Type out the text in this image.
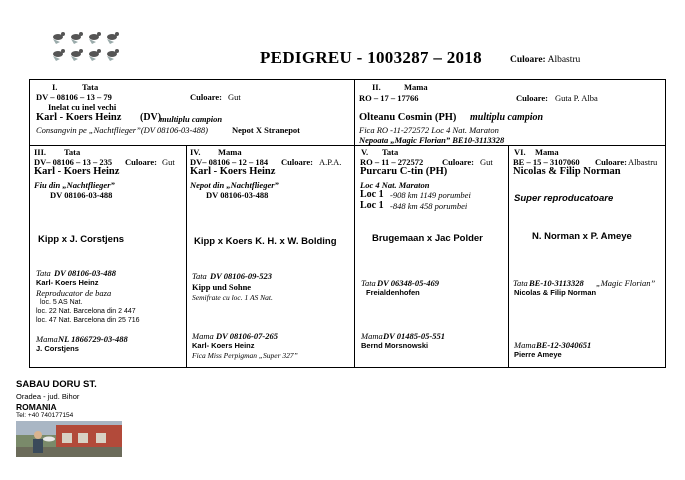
PEDIGREU - 1003287 – 2018	Culoare: Albastru
I.	Tata
DV – 08106 – 13 – 79	Culoare: Gut
Inelat cu inel vechi
Karl - Koers Heinz (DV)
multiplu campion
Consangvin pe „Nachtflieger”(DV 08106-03-488)	Nepot X Stranepot
II.	Mama
RO – 17 – 17766	Culoare: Guta P. Alba
Olteanu Cosmin (PH) multiplu campion
Fica RO -11-272572 Loc 4 Nat. Maraton
Nepoata „Magic Florian” BE10-3113328
III. Tata
DV– 08106 – 13 – 235 Culoare: Gut
Karl - Koers Heinz
Fiu din „Nachtflieger”
DV 08106-03-488
Kipp x J. Corstjens
Tata DV 08106-03-488
Karl- Koers Heinz
Reproducator de baza
loc. 5 AS Nat.
loc. 22 Nat. Barcelona din 2 447
loc. 47 Nat. Barcelona din 25 716
Mama NL 1866729-03-488
J. Corstjens
IV. Mama
DV– 08106 – 12 – 184 Culoare: A.P.A.
Karl - Koers Heinz
Nepot din „Nachtflieger”
DV 08106-03-488
Kipp x Koers K. H. x W. Bolding
Tata DV 08106-09-523
Kipp und Sohne
Semifrate cu loc. 1 AS Nat.
Mama DV 08106-07-265
Karl- Koers Heinz
Fica Miss Perpigman „Super 327”
V. Tata
RO – 11 – 272572 Culoare: Gut
Purcaru C-tin (PH)
Loc 4 Nat. Maraton
Loc 1 -908 km 1149 porumbei
Loc 1 -848 km 458 porumbei
Brugemaan x Jac Polder
Tata DV 06348-05-469
Freialdenhofen
Mama DV 01485-05-551
Bernd Morsnowski
VI. Mama
BE – 15 – 3107060 Culoare: Albastru
Nicolas & Filip Norman
Super reproducatoare
N. Norman x P. Ameye
Tata BE-10-3113328 „Magic Florian”
Nicolas & Filip Norman
Mama BE-12-3040651
Pierre Ameye
SABAU DORU ST.
Oradea - jud. Bihor
ROMANIA
Tel: +40 740177154
